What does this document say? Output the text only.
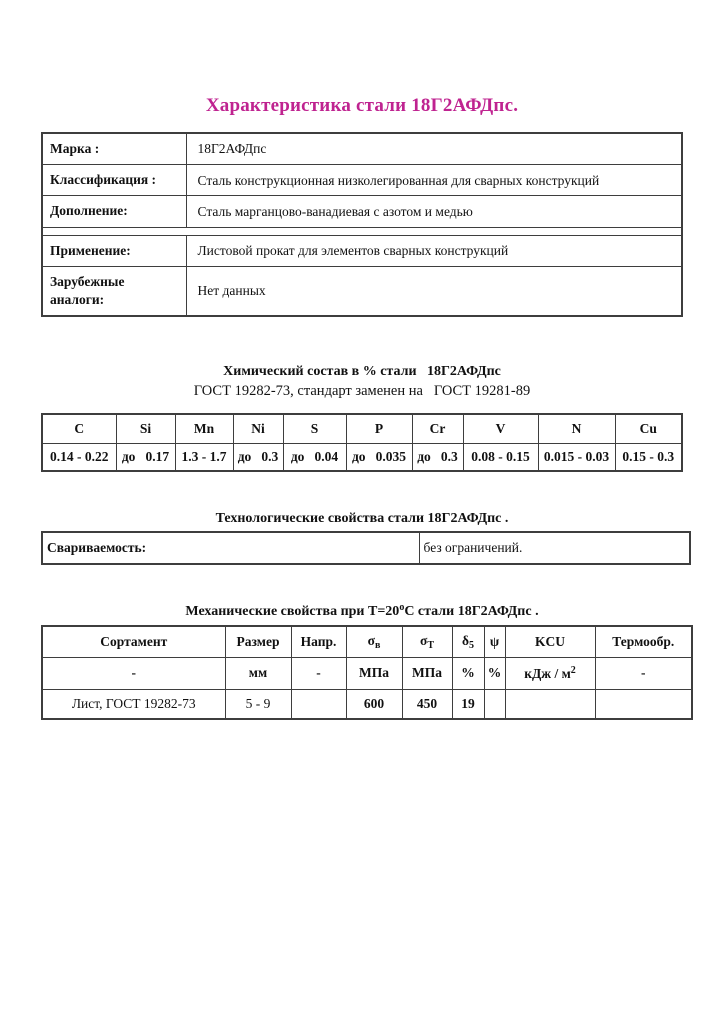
Характеристика стали 18Г2АФДпс.
Марка :	18Г2АФДпс
Классификация :	Сталь конструкционная низколегированная для сварных конструкций
Дополнение:	Сталь марганцово-ванадиевая с азотом и медью

Применение:	Листовой прокат для элементов сварных конструкций
Зарубежные аналоги:	Нет данных
Химический состав в % стали   18Г2АФДпс
ГОСТ 19282-73, стандарт заменен на   ГОСТ 19281-89
C	Si	Mn	Ni	S	P	Cr	V	N	Cu
0.14 - 0.22	до   0.17	1.3 - 1.7	до   0.3	до   0.04	до   0.035	до   0.3	0.08 - 0.15	0.015 - 0.03	0.15 - 0.3
Технологические свойства стали 18Г2АФДпс .
Свариваемость:	без ограничений.
Механические свойства при $Т=20^оС$ стали 18Г2АФДпс .
Сортамент	Размер	Напр.	$\sigma_в$	$\sigma_Т$	$\delta_5$	ψ	KCU	Термообр.
-	мм	-	МПа	МПа	%	%	кДж / $м^2$	-
Лист, ГОСТ 19282-73	5 - 9		600	450	19			
